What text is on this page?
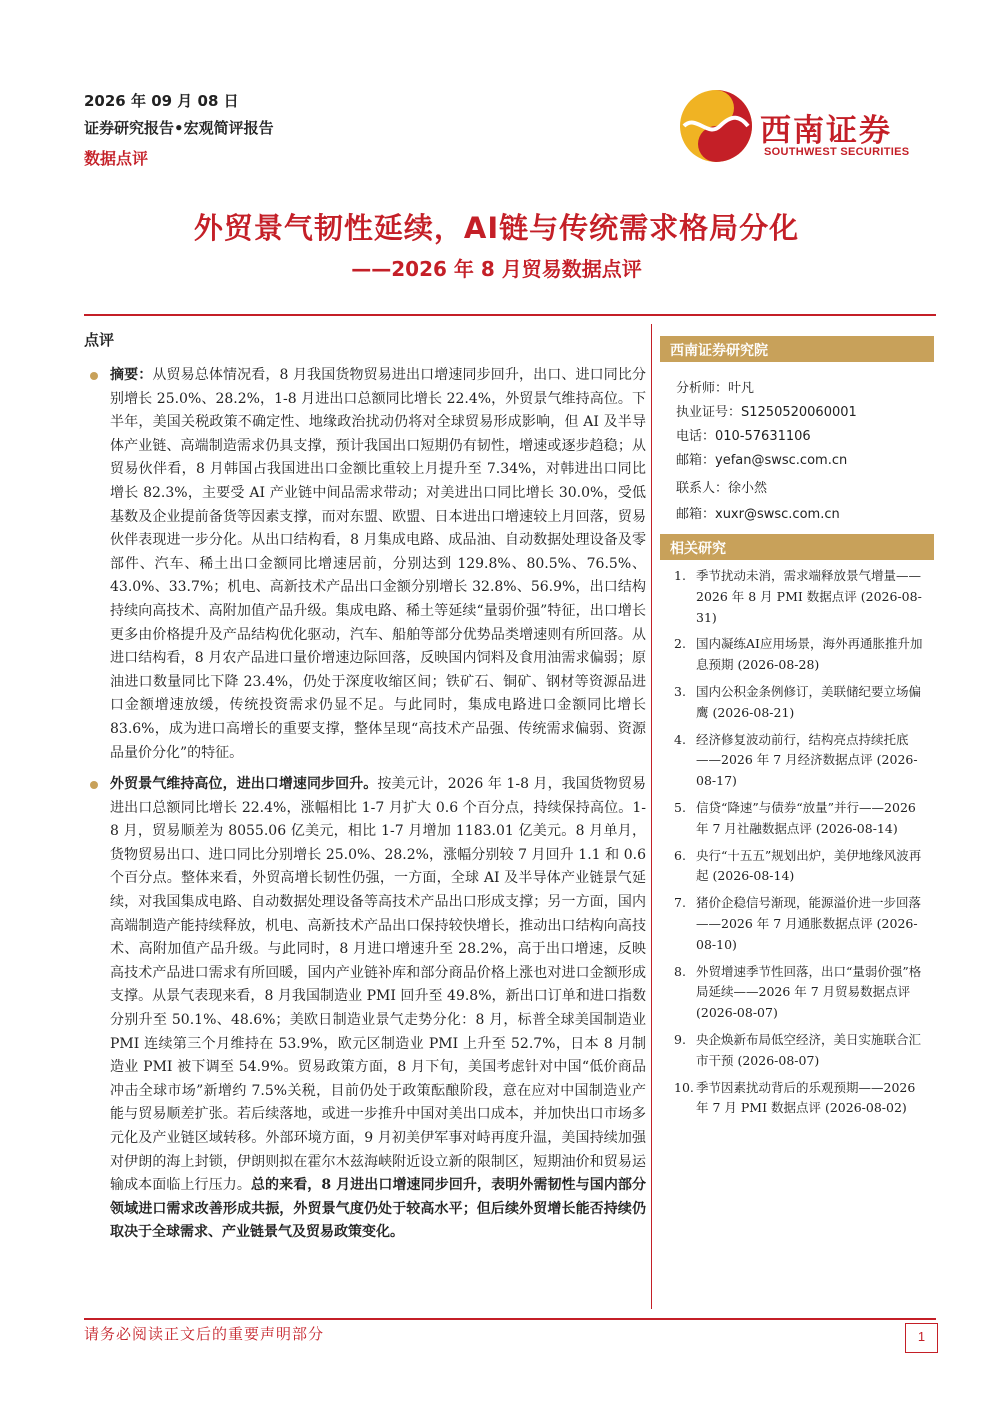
2026 年 09 月 08 日
证券研究报告•宏观简评报告
数据点评
西南证券
SOUTHWEST SECURITIES
外贸景气韧性延续，AI链与传统需求格局分化
——2026 年 8 月贸易数据点评
点评

摘要：从贸易总体情况看，8 月我国货物贸易进出口增速同步回升，出口、进口同比分别增长 25.0%、28.2%，1-8 月进出口总额同比增长 22.4%，外贸景气维持高位。下半年，美国关税政策不确定性、地缘政治扰动仍将对全球贸易形成影响，但 AI 及半导体产业链、高端制造需求仍具支撑，预计我国出口短期仍有韧性，增速或逐步趋稳；从贸易伙伴看，8 月韩国占我国进出口金额比重较上月提升至 7.34%，对韩进出口同比增长 82.3%，主要受 AI 产业链中间品需求带动；对美进出口同比增长 30.0%，受低基数及企业提前备货等因素支撑，而对东盟、欧盟、日本进出口增速较上月回落，贸易伙伴表现进一步分化。从出口结构看，8 月集成电路、成品油、自动数据处理设备及零部件、汽车、稀土出口金额同比增速居前，分别达到 129.8%、80.5%、76.5%、43.0%、33.7%；机电、高新技术产品出口金额分别增长 32.8%、56.9%，出口结构持续向高技术、高附加值产品升级。集成电路、稀土等延续“量弱价强”特征，出口增长更多由价格提升及产品结构优化驱动，汽车、船舶等部分优势品类增速则有所回落。从进口结构看，8 月农产品进口量价增速边际回落，反映国内饲料及食用油需求偏弱；原油进口数量同比下降 23.4%，仍处于深度收缩区间；铁矿石、铜矿、钢材等资源品进口金额增速放缓，传统投资需求仍显不足。与此同时，集成电路进口金额同比增长 83.6%，成为进口高增长的重要支撑，整体呈现“高技术产品强、传统需求偏弱、资源品量价分化”的特征。

外贸景气维持高位，进出口增速同步回升。按美元计，2026 年 1-8 月，我国货物贸易进出口总额同比增长 22.4%，涨幅相比 1-7 月扩大 0.6 个百分点，持续保持高位。1-8 月，贸易顺差为 8055.06 亿美元，相比 1-7 月增加 1183.01 亿美元。8 月单月，货物贸易出口、进口同比分别增长 25.0%、28.2%，涨幅分别较 7 月回升 1.1 和 0.6 个百分点。整体来看，外贸高增长韧性仍强，一方面，全球 AI 及半导体产业链景气延续，对我国集成电路、自动数据处理设备等高技术产品出口形成支撑；另一方面，国内高端制造产能持续释放，机电、高新技术产品出口保持较快增长，推动出口结构向高技术、高附加值产品升级。与此同时，8 月进口增速升至 28.2%，高于出口增速，反映高技术产品进口需求有所回暖，国内产业链补库和部分商品价格上涨也对进口金额形成支撑。从景气表现来看，8 月我国制造业 PMI 回升至 49.8%，新出口订单和进口指数分别升至 50.1%、48.6%；美欧日制造业景气走势分化：8 月，标普全球美国制造业 PMI 连续第三个月维持在 53.9%，欧元区制造业 PMI 上升至 52.7%，日本 8 月制造业 PMI 被下调至 54.9%。贸易政策方面，8 月下旬，美国考虑针对中国“低价商品冲击全球市场”新增约 7.5%关税，目前仍处于政策酝酿阶段，意在应对中国制造业产能与贸易顺差扩张。若后续落地，或进一步推升中国对美出口成本，并加快出口市场多元化及产业链区域转移。外部环境方面，9 月初美伊军事对峙再度升温，美国持续加强对伊朗的海上封锁，伊朗则拟在霍尔木兹海峡附近设立新的限制区，短期油价和贸易运输成本面临上行压力。总的来看，8 月进出口增速同步回升，表明外需韧性与国内部分领域进口需求改善形成共振，外贸景气度仍处于较高水平；但后续外贸增长能否持续仍取决于全球需求、产业链景气及贸易政策变化。

西南证券研究院
分析师：叶凡
执业证号：S1250520060001
电话：010-57631106
邮箱：yefan@swsc.com.cn
联系人：徐小然
邮箱：xuxr@swsc.com.cn
相关研究
1. 季节扰动未消，需求端释放景气增量——2026 年 8 月 PMI 数据点评 (2026-08-31)
2. 国内凝练AI应用场景，海外再通胀推升加息预期 (2026-08-28)
3. 国内公积金条例修订，美联储纪要立场偏鹰 (2026-08-21)
4. 经济修复波动前行，结构亮点持续托底——2026 年 7 月经济数据点评 (2026-08-17)
5. 信贷“降速”与债券“放量”并行——2026 年 7 月社融数据点评 (2026-08-14)
6. 央行“十五五”规划出炉，美伊地缘风波再起 (2026-08-14)
7. 猪价企稳信号渐现，能源溢价进一步回落——2026 年 7 月通胀数据点评 (2026-08-10)
8. 外贸增速季节性回落，出口“量弱价强”格局延续——2026 年 7 月贸易数据点评 (2026-08-07)
9. 央企焕新布局低空经济，美日实施联合汇市干预 (2026-08-07)
10. 季节因素扰动背后的乐观预期——2026 年 7 月 PMI 数据点评 (2026-08-02)
请务必阅读正文后的重要声明部分	1
